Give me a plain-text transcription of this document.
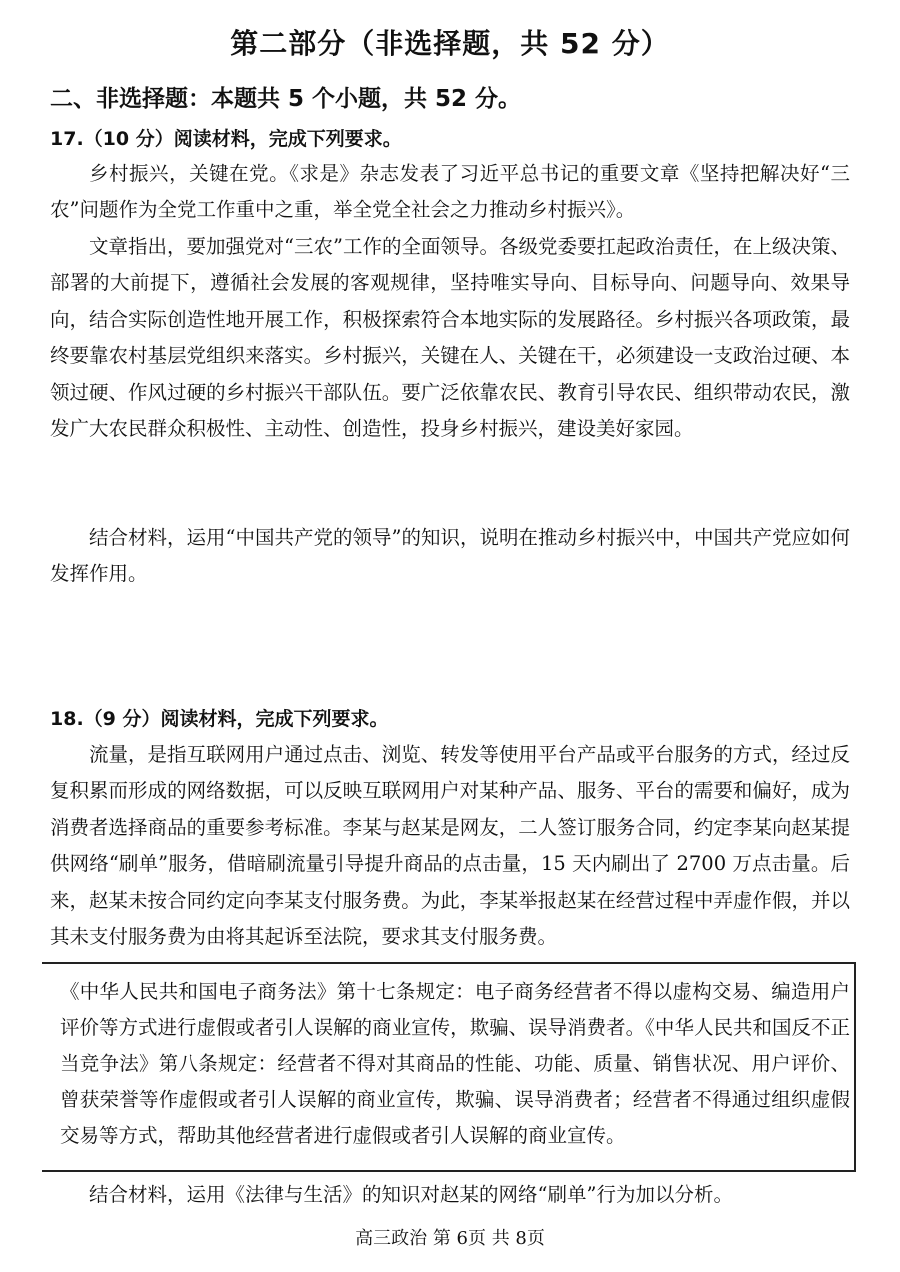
第二部分（非选择题，共 52 分）
二、非选择题：本题共 5 个小题，共 52 分。
17.（10 分）阅读材料，完成下列要求。
乡村振兴，关键在党。《求是》杂志发表了习近平总书记的重要文章《坚持把解决好“三农”问题作为全党工作重中之重，举全党全社会之力推动乡村振兴》。
文章指出，要加强党对“三农”工作的全面领导。各级党委要扛起政治责任，在上级决策、部署的大前提下，遵循社会发展的客观规律，坚持唯实导向、目标导向、问题导向、效果导向，结合实际创造性地开展工作，积极探索符合本地实际的发展路径。乡村振兴各项政策，最终要靠农村基层党组织来落实。乡村振兴，关键在人、关键在干，必须建设一支政治过硬、本领过硬、作风过硬的乡村振兴干部队伍。要广泛依靠农民、教育引导农民、组织带动农民，激发广大农民群众积极性、主动性、创造性，投身乡村振兴，建设美好家园。
结合材料，运用“中国共产党的领导”的知识，说明在推动乡村振兴中，中国共产党应如何发挥作用。
18.（9 分）阅读材料，完成下列要求。
流量，是指互联网用户通过点击、浏览、转发等使用平台产品或平台服务的方式，经过反复积累而形成的网络数据，可以反映互联网用户对某种产品、服务、平台的需要和偏好，成为消费者选择商品的重要参考标准。李某与赵某是网友，二人签订服务合同，约定李某向赵某提供网络“刷单”服务，借暗刷流量引导提升商品的点击量，15 天内刷出了 2700 万点击量。后来，赵某未按合同约定向李某支付服务费。为此，李某举报赵某在经营过程中弄虚作假，并以其未支付服务费为由将其起诉至法院，要求其支付服务费。
《中华人民共和国电子商务法》第十七条规定：电子商务经营者不得以虚构交易、编造用户评价等方式进行虚假或者引人误解的商业宣传，欺骗、误导消费者。《中华人民共和国反不正当竞争法》第八条规定：经营者不得对其商品的性能、功能、质量、销售状况、用户评价、曾获荣誉等作虚假或者引人误解的商业宣传，欺骗、误导消费者；经营者不得通过组织虚假交易等方式，帮助其他经营者进行虚假或者引人误解的商业宣传。
结合材料，运用《法律与生活》的知识对赵某的网络“刷单”行为加以分析。
高三政治 第 6页 共 8页
